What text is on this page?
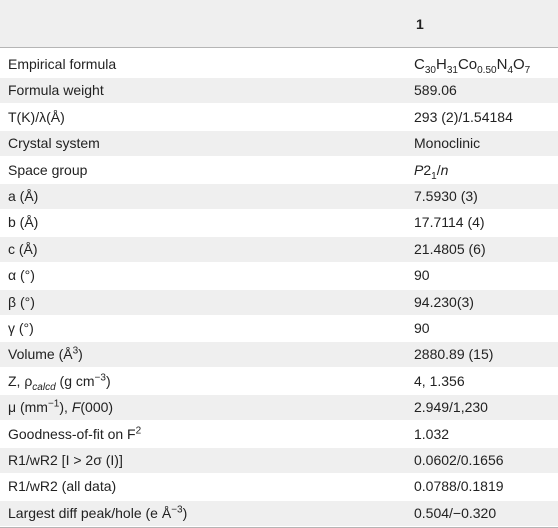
1
Empirical formula	$C_{30}H_{31}Co_{0.50}N_4O_7$
Formula weight	589.06
T(K)/λ(Å)	293 (2)/1.54184
Crystal system	Monoclinic
Space group	$P2_1/n$
a (Å)	7.5930 (3)
b (Å)	17.7114 (4)
c (Å)	21.4805 (6)
α (°)	90
β (°)	94.230(3)
γ (°)	90
Volume $(Å^3)$	2880.89 (15)
Z, $\rho_{calcd}$ (g $cm^{-3}$)	4, 1.356
μ $(mm^{-1})$, F(000)	2.949/1,230
Goodness-of-fit on $F^2$	1.032
R1/wR2 [I > 2σ (I)]	0.0602/0.1656
R1/wR2 (all data)	0.0788/0.1819
Largest diff peak/hole (e $Å^{-3}$)	0.504/−0.320
